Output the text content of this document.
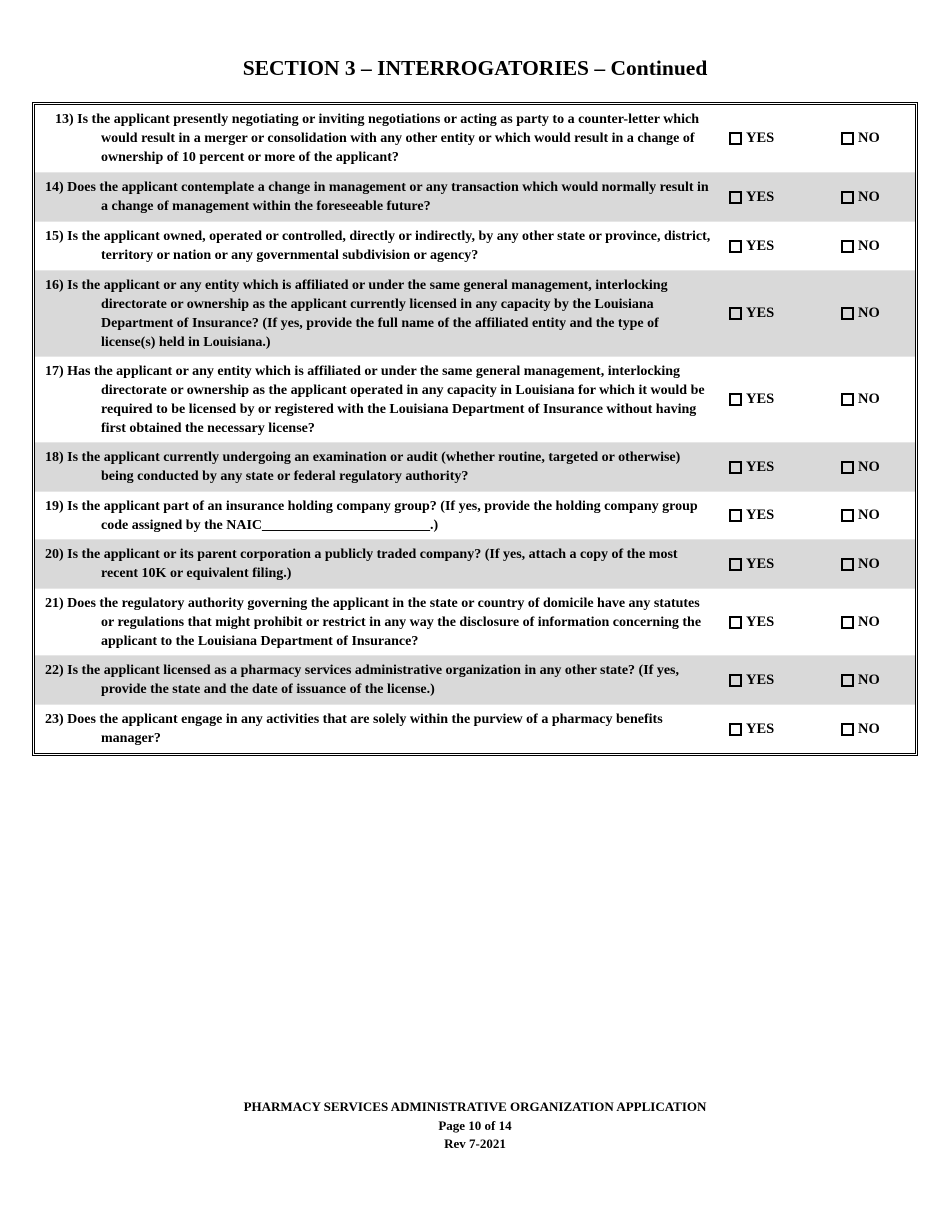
SECTION 3 – INTERROGATORIES – Continued
13) Is the applicant presently negotiating or inviting negotiations or acting as party to a counter-letter which would result in a merger or consolidation with any other entity or which would result in a change of ownership of 10 percent or more of the applicant?
YES	NO
14) Does the applicant contemplate a change in management or any transaction which would normally result in a change of management within the foreseeable future?
YES	NO
15) Is the applicant owned, operated or controlled, directly or indirectly, by any other state or province, district, territory or nation or any governmental subdivision or agency?
YES	NO
16) Is the applicant or any entity which is affiliated or under the same general management, interlocking directorate or ownership as the applicant currently licensed in any capacity by the Louisiana Department of Insurance? (If yes, provide the full name of the affiliated entity and the type of license(s) held in Louisiana.)
YES	NO
17) Has the applicant or any entity which is affiliated or under the same general management, interlocking directorate or ownership as the applicant operated in any capacity in Louisiana for which it would be required to be licensed by or registered with the Louisiana Department of Insurance without having first obtained the necessary license?
YES	NO
18) Is the applicant currently undergoing an examination or audit (whether routine, targeted or otherwise) being conducted by any state or federal regulatory authority?
YES	NO
19) Is the applicant part of an insurance holding company group? (If yes, provide the holding company group code assigned by the NAIC________________________.)
YES	NO
20) Is the applicant or its parent corporation a publicly traded company? (If yes, attach a copy of the most recent 10K or equivalent filing.)
YES	NO
21) Does the regulatory authority governing the applicant in the state or country of domicile have any statutes or regulations that might prohibit or restrict in any way the disclosure of information concerning the applicant to the Louisiana Department of Insurance?
YES	NO
22) Is the applicant licensed as a pharmacy services administrative organization in any other state? (If yes, provide the state and the date of issuance of the license.)
YES	NO
23) Does the applicant engage in any activities that are solely within the purview of a pharmacy benefits manager?
YES	NO
PHARMACY SERVICES ADMINISTRATIVE ORGANIZATION APPLICATION
Page 10 of 14
Rev 7-2021
